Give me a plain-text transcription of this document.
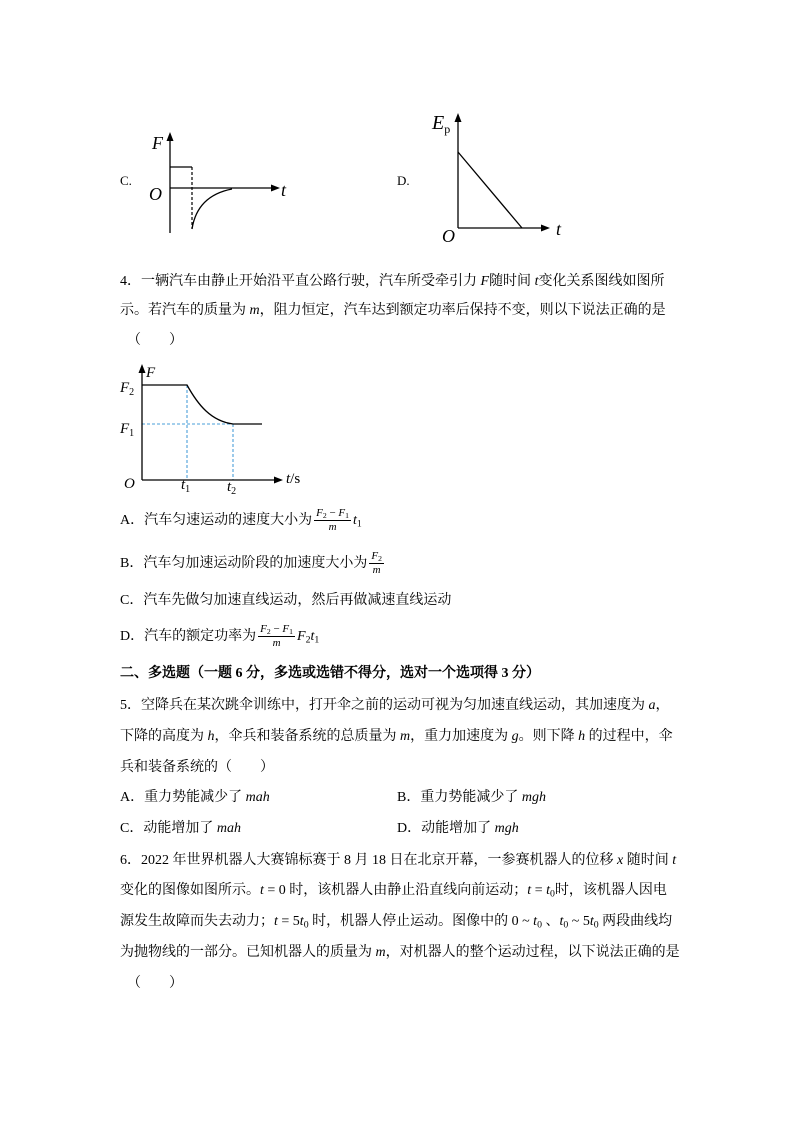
C.
F
O	t	D.
$E_p$
O	t
4．一辆汽车由静止开始沿平直公路行驶，汽车所受牵引力 F随时间 t变化关系图线如图所
示。若汽车的质量为 m，阻力恒定，汽车达到额定功率后保持不变，则以下说法正确的是
（　　）
F
F2
F1
O	t1 t2
t/s
A．汽车匀速运动的速度大小为 $\frac{F_2 - F_1}{m} t_1$
B．汽车匀加速运动阶段的加速度大小为 $\frac{F_2}{m}$
C．汽车先做匀加速直线运动，然后再做减速直线运动
D．汽车的额定功率为 $\frac{F_2 - F_1}{m} F_2t_1$
二、多选题（一题 6 分，多选或选错不得分，选对一个选项得 3 分）
5．空降兵在某次跳伞训练中，打开伞之前的运动可视为匀加速直线运动，其加速度为 a，
下降的高度为 h，伞兵和装备系统的总质量为 m，重力加速度为 g。则下降 h 的过程中，伞
兵和装备系统的（　　）
A．重力势能减少了 mah	B．重力势能减少了 mgh
C．动能增加了 mah	D．动能增加了 mgh
6．2022 年世界机器人大赛锦标赛于 8 月 18 日在北京开幕，一参赛机器人的位移 x 随时间 t
变化的图像如图所示。t = 0 时，该机器人由静止沿直线向前运动；$t = t_0$时，该机器人因电
源发生故障而失去动力；$t = 5t_0$ 时，机器人停止运动。图像中的 0 ~ $t_0$ 、$t_0$ ~ $5t_0$ 两段曲线均
为抛物线的一部分。已知机器人的质量为 m，对机器人的整个运动过程，以下说法正确的是
（　　）
